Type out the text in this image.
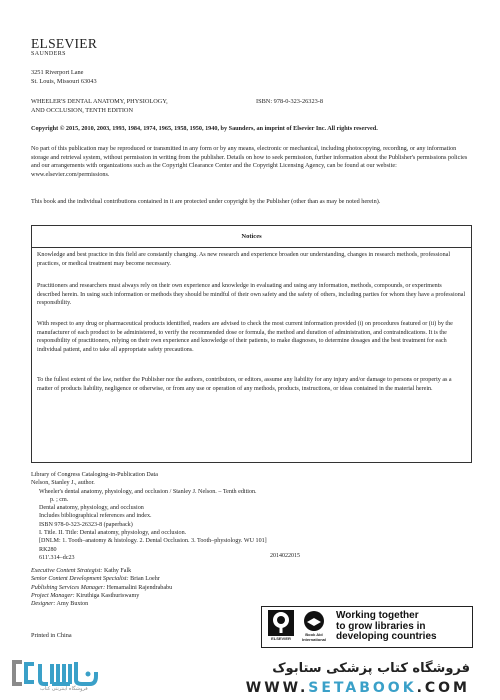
ELSEVIER
SAUNDERS
3251 Riverport Lane
St. Louis, Missouri 63043
WHEELER'S DENTAL ANATOMY, PHYSIOLOGY,
AND OCCLUSION, TENTH EDITION
ISBN: 978-0-323-26323-8

Copyright © 2015, 2010, 2003, 1993, 1984, 1974, 1965, 1958, 1950, 1940, by Saunders, an imprint of Elsevier Inc. All rights reserved.

No part of this publication may be reproduced or transmitted in any form or by any means, electronic or mechanical, including photocopying, recording, or any information storage and retrieval system, without permission in writing from the publisher. Details on how to seek permission, further information about the Publisher's permissions policies and our arrangements with organizations such as the Copyright Clearance Center and the Copyright Licensing Agency, can be found at our website: www.elsevier.com/permissions.

This book and the individual contributions contained in it are protected under copyright by the Publisher (other than as may be noted herein).

Notices

Knowledge and best practice in this field are constantly changing. As new research and experience broaden our understanding, changes in research methods, professional practices, or medical treatment may become necessary.

Practitioners and researchers must always rely on their own experience and knowledge in evaluating and using any information, methods, compounds, or experiments described herein. In using such information or methods they should be mindful of their own safety and the safety of others, including parties for whom they have a professional responsibility.

With respect to any drug or pharmaceutical products identified, readers are advised to check the most current information provided (i) on procedures featured or (ii) by the manufacturer of each product to be administered, to verify the recommended dose or formula, the method and duration of administration, and contraindications. It is the responsibility of practitioners, relying on their own experience and knowledge of their patients, to make diagnoses, to determine dosages and the best treatment for each individual patient, and to take all appropriate safety precautions.

To the fullest extent of the law, neither the Publisher nor the authors, contributors, or editors, assume any liability for any injury and/or damage to persons or property as a matter of products liability, negligence or otherwise, or from any use or operation of any methods, products, instructions, or ideas contained in the material herein.

Library of Congress Cataloging-in-Publication Data
Nelson, Stanley J., author.
Wheeler's dental anatomy, physiology, and occlusion / Stanley J. Nelson. – Tenth edition.
p. ; cm.
Dental anatomy, physiology, and occlusion
Includes bibliographical references and index.
ISBN 978-0-323-26323-8 (paperback)
I. Title. II. Title: Dental anatomy, physiology, and occlusion.
[DNLM: 1. Tooth–anatomy & histology. 2. Dental Occlusion. 3. Tooth–physiology. WU 101]
RK280
611'.314–dc23	2014022015
ELSEVIER
Book Aid International
Working together
to grow libraries in
developing countries
فروشگاه اینترنتی کتاب
فروشگاه کتاب پزشکی ستابوک
WWW.SETABOOK.COM
Executive Content Strategist: Kathy Falk
Senior Content Development Specialist: Brian Loehr
Publishing Services Manager: Hemamalini Rajendrababu
Project Manager: Kiruthiga Kasthuriswamy
Designer: Amy Buxton
Printed in China
